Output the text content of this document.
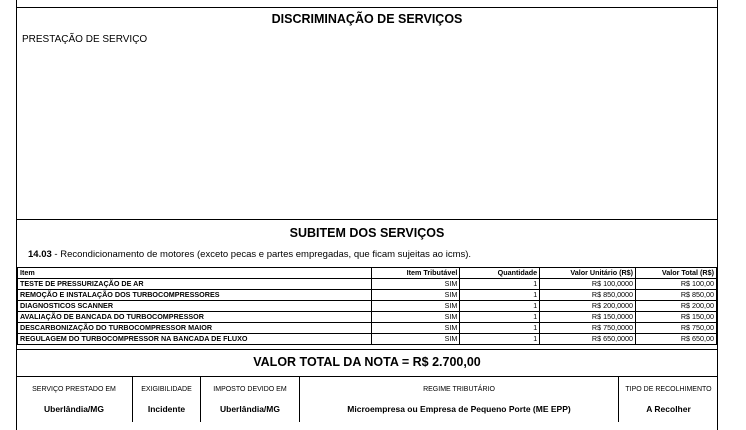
DISCRIMINAÇÃO DE SERVIÇOS
PRESTAÇÃO DE SERVIÇO
SUBITEM DOS SERVIÇOS
14.03 - Recondicionamento de motores (exceto pecas e partes empregadas, que ficam sujeitas ao icms).
Item	Item Tributável	Quantidade	Valor Unitário (R$)	Valor Total (R$)
TESTE DE PRESSURIZAÇÃO DE AR	SIM	1	R$ 100,0000	R$ 100,00
REMOÇÃO E INSTALAÇÃO DOS TURBOCOMPRESSORES	SIM	1	R$ 850,0000	R$ 850,00
DIAGNOSTICOS SCANNER	SIM	1	R$ 200,0000	R$ 200,00
AVALIAÇÃO DE BANCADA DO TURBOCOMPRESSOR	SIM	1	R$ 150,0000	R$ 150,00
DESCARBONIZAÇÃO DO TURBOCOMPRESSOR MAIOR	SIM	1	R$ 750,0000	R$ 750,00
REGULAGEM DO TURBOCOMPRESSOR NA BANCADA DE FLUXO	SIM	1	R$ 650,0000	R$ 650,00
VALOR TOTAL DA NOTA = R$ 2.700,00
SERVIÇO PRESTADO EM
Uberlândia/MG
EXIGIBILIDADE
Incidente
IMPOSTO DEVIDO EM
Uberlândia/MG
REGIME TRIBUTÁRIO
Microempresa ou Empresa de Pequeno Porte (ME EPP)
TIPO DE RECOLHIMENTO
A Recolher
